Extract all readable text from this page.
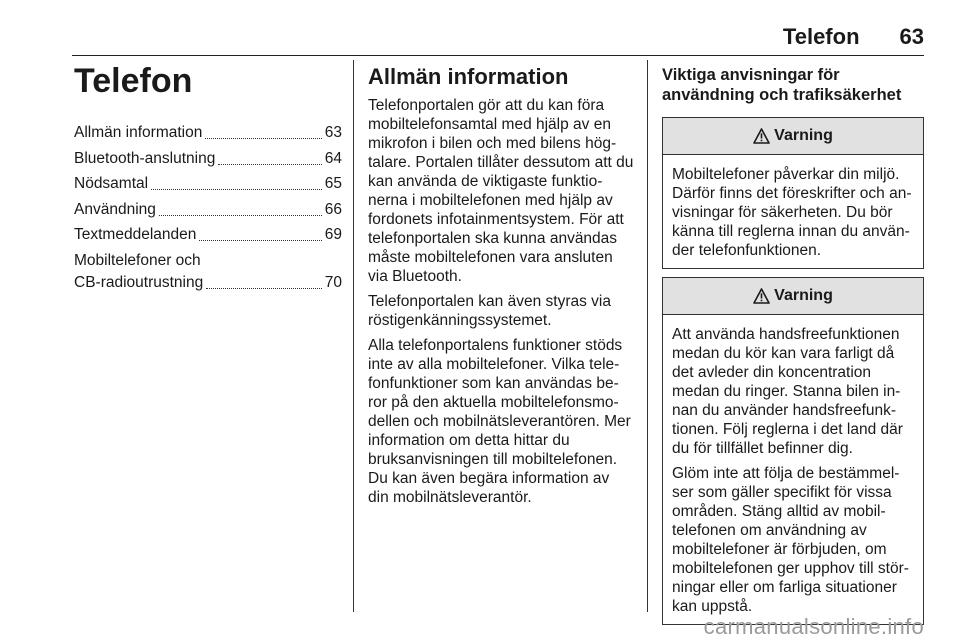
Telefon 63
Telefon
Allmän information	63
Bluetooth-anslutning	64
Nödsamtal	65
Användning	66
Textmeddelanden	69
Mobiltelefoner och
CB-radioutrustning	70
Allmän information

Telefonportalen gör att du kan föra mobiltelefonsamtal med hjälp av en mikrofon i bilen och med bilens hög-talare. Portalen tillåter dessutom att du kan använda de viktigaste funktio-nerna i mobiltelefonen med hjälp av fordonets infotainmentsystem. För att telefonportalen ska kunna användas måste mobiltelefonen vara ansluten via Bluetooth.

Telefonportalen kan även styras via röstigenkänningssystemet.

Alla telefonportalens funktioner stöds inte av alla mobiltelefoner. Vilka tele-fonfunktioner som kan användas be-ror på den aktuella mobiltelefonsmo-dellen och mobilnätsleverantören. Mer information om detta hittar du bruksanvisningen till mobiltelefonen. Du kan även begära information av din mobilnätsleverantör.

Viktiga anvisningar för
användning och trafiksäkerhet
Varning

Mobiltelefoner påverkar din miljö. Därför finns det föreskrifter och an-visningar för säkerheten. Du bör känna till reglerna innan du använ-der telefonfunktionen.

Varning

Att använda handsfreefunktionen medan du kör kan vara farligt då det avleder din koncentration medan du ringer. Stanna bilen in-nan du använder handsfreefunk-tionen. Följ reglerna i det land där du för tillfället befinner dig.

Glöm inte att följa de bestämmel-ser som gäller specifikt för vissa områden. Stäng alltid av mobil-telefonen om användning av mobiltelefoner är förbjuden, om mobiltelefonen ger upphov till stör-ningar eller om farliga situationer kan uppstå.

carmanualsonline.info
